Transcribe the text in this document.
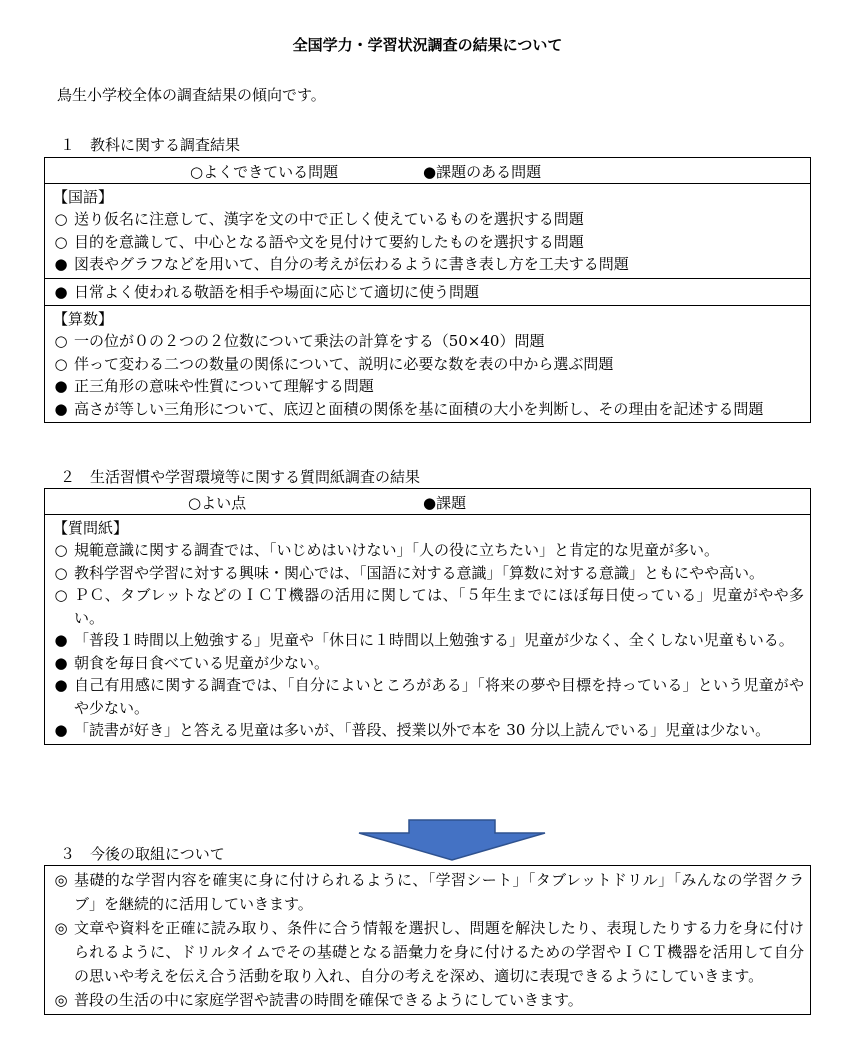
全国学力・学習状況調査の結果について
鳥生小学校全体の調査結果の傾向です。
１　教科に関する調査結果
○よくできている問題	●課題のある問題
【国語】
○ 送り仮名に注意して、漢字を文の中で正しく使えているものを選択する問題
○ 目的を意識して、中心となる語や文を見付けて要約したものを選択する問題
● 図表やグラフなどを用いて、自分の考えが伝わるように書き表し方を工夫する問題
● 日常よく使われる敬語を相手や場面に応じて適切に使う問題
【算数】
○ 一の位が０の２つの２位数について乗法の計算をする（50×40）問題
○ 伴って変わる二つの数量の関係について、説明に必要な数を表の中から選ぶ問題
● 正三角形の意味や性質について理解する問題
● 高さが等しい三角形について、底辺と面積の関係を基に面積の大小を判断し、その理由を記述する問題
２　生活習慣や学習環境等に関する質問紙調査の結果
○よい点	●課題
【質問紙】
○ 規範意識に関する調査では、「いじめはいけない」「人の役に立ちたい」と肯定的な児童が多い。
○ 教科学習や学習に対する興味・関心では、「国語に対する意識」「算数に対する意識」ともにやや高い。
○ ＰＣ、タブレットなどのＩＣＴ機器の活用に関しては、「５年生までにほぼ毎日使っている」児童がやや多い。
● 「普段１時間以上勉強する」児童や「休日に１時間以上勉強する」児童が少なく、全くしない児童もいる。
● 朝食を毎日食べている児童が少ない。
● 自己有用感に関する調査では、「自分によいところがある」「将来の夢や目標を持っている」という児童がやや少ない。
● 「読書が好き」と答える児童は多いが、「普段、授業以外で本を 30 分以上読んでいる」児童は少ない。
３　今後の取組について
◎ 基礎的な学習内容を確実に身に付けられるように、「学習シート」「タブレットドリル」「みんなの学習クラブ」を継続的に活用していきます。
◎ 文章や資料を正確に読み取り、条件に合う情報を選択し、問題を解決したり、表現したりする力を身に付けられるように、ドリルタイムでその基礎となる語彙力を身に付けるための学習やＩＣＴ機器を活用して自分の思いや考えを伝え合う活動を取り入れ、自分の考えを深め、適切に表現できるようにしていきます。
◎ 普段の生活の中に家庭学習や読書の時間を確保できるようにしていきます。
